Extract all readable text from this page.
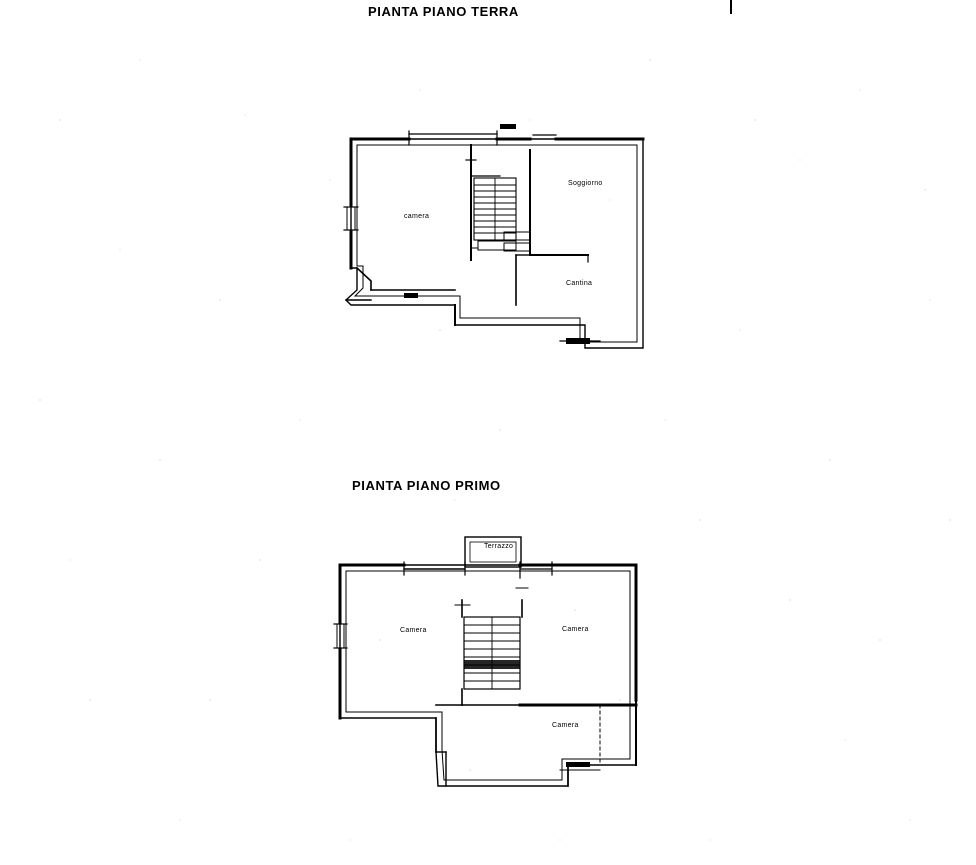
PIANTA PIANO TERRA
PIANTA PIANO PRIMO
camera
Soggiorno
Cantina
Terrazzo
Camera	Camera
Camera
